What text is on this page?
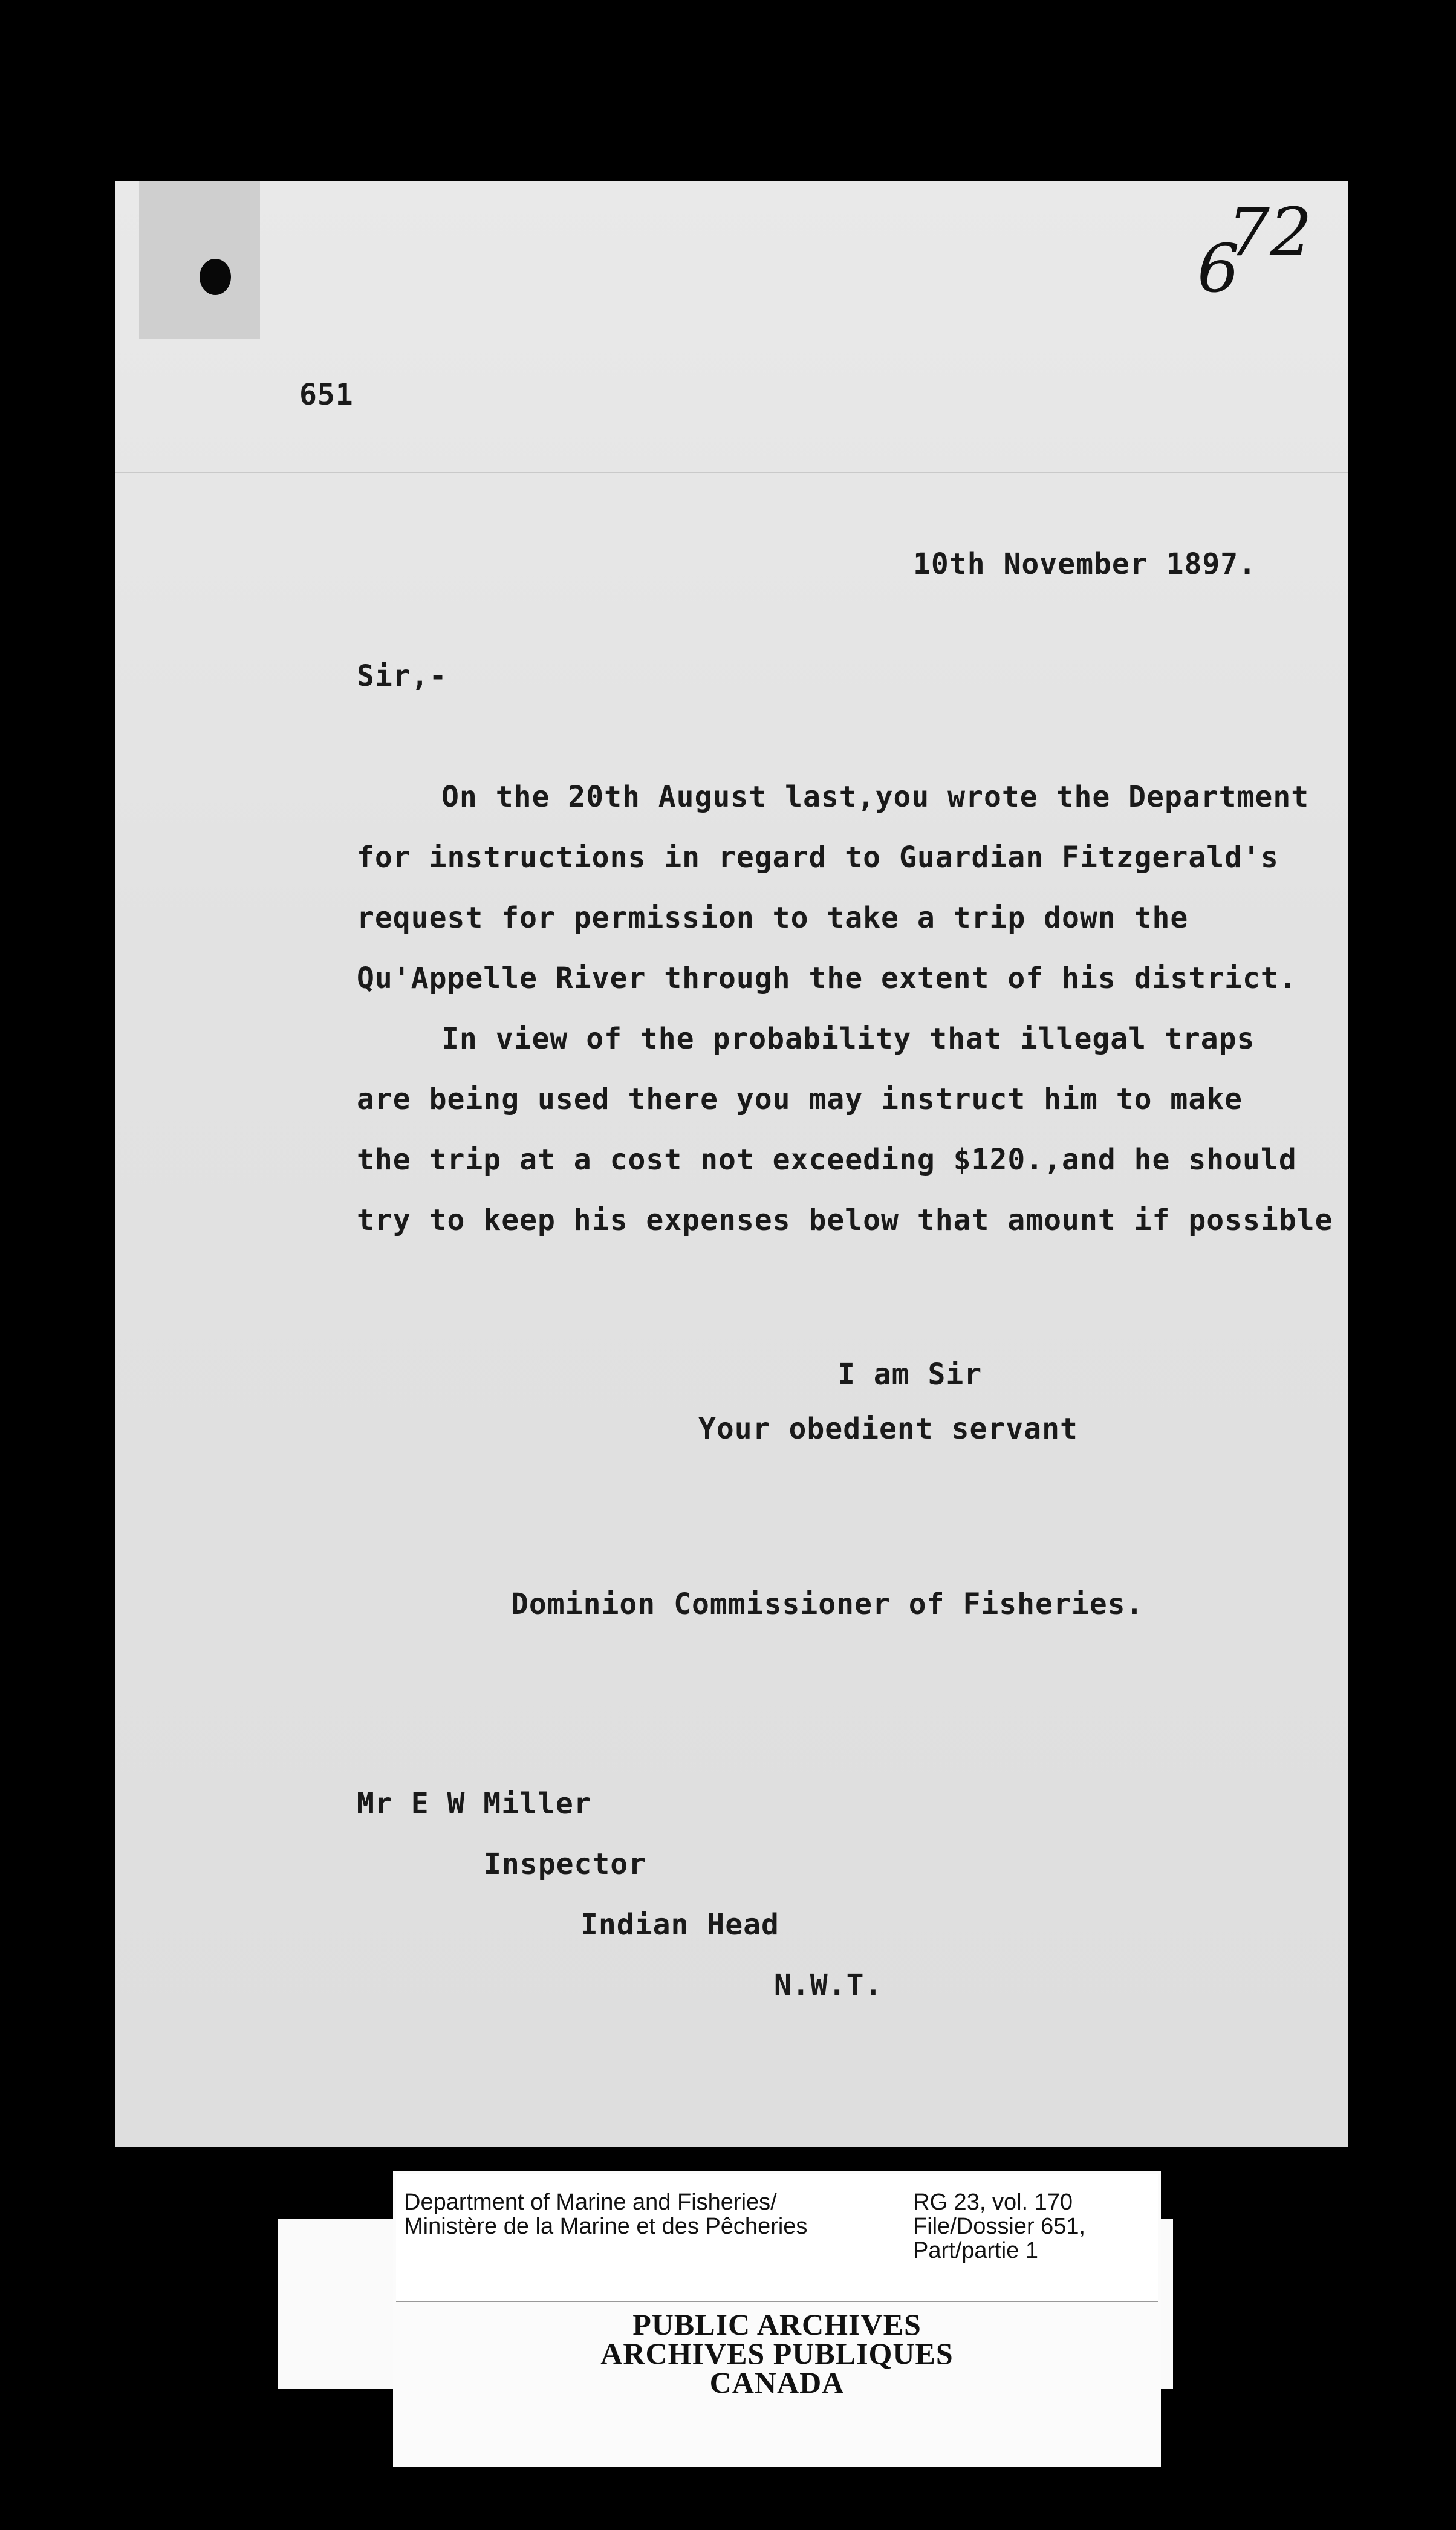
651
72
6
10th November 1897.
Sir,-
On the 20th August last,you wrote the Department
for instructions in regard to Guardian Fitzgerald's
request for permission to take a trip down the
Qu'Appelle River through the extent of his district.
In view of the probability that illegal traps
are being used there you may instruct him to make
the trip at a cost not exceeding $120.,and he should
try to keep his expenses below that amount if possible
I am Sir
Your obedient servant
Dominion Commissioner of Fisheries.
Mr E W Miller
Inspector
Indian Head
N.W.T.
Department of Marine and Fisheries/
Ministère de la Marine et des Pêcheries
RG 23, vol. 170
File/Dossier 651,
Part/partie 1
PUBLIC ARCHIVES
ARCHIVES PUBLIQUES
CANADA
